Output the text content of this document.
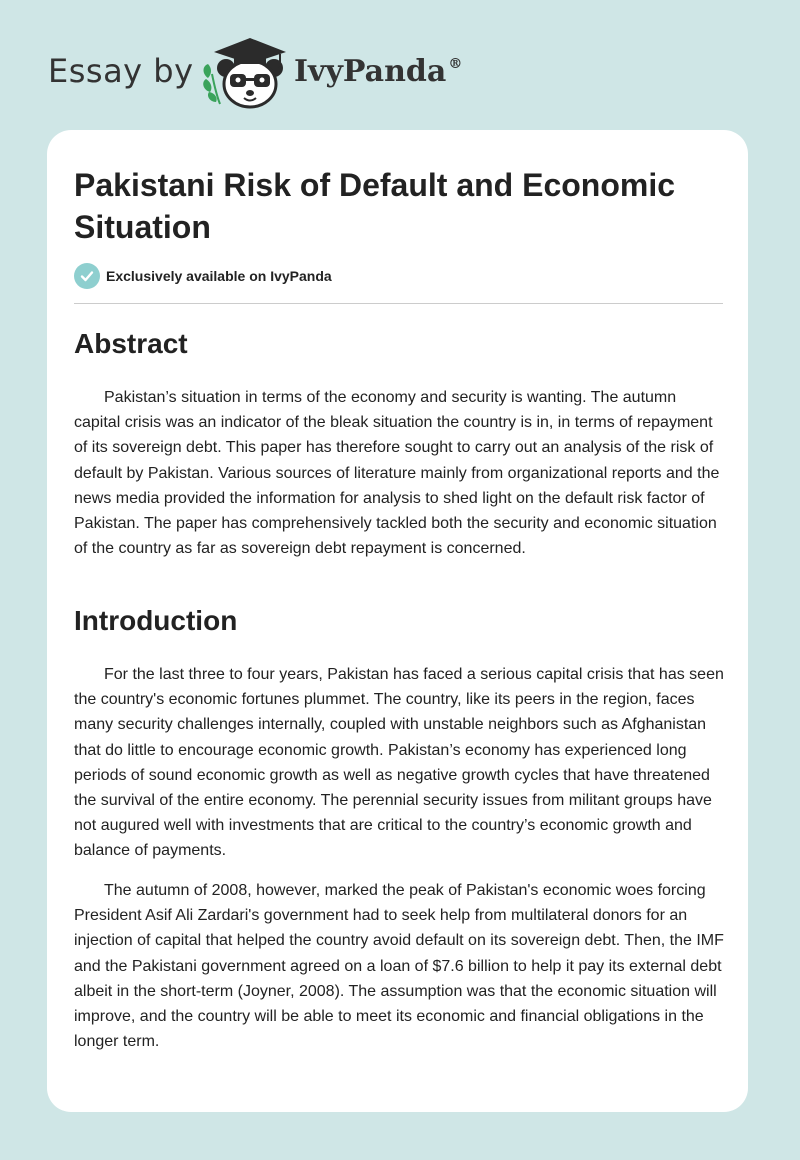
Essay by	IvyPanda ®
Pakistani Risk of Default and Economic Situation
Exclusively available on IvyPanda
Abstract

Pakistan’s situation in terms of the economy and security is wanting. The autumn capital crisis was an indicator of the bleak situation the country is in, in terms of repayment of its sovereign debt. This paper has therefore sought to carry out an analysis of the risk of default by Pakistan. Various sources of literature mainly from organizational reports and the news media provided the information for analysis to shed light on the default risk factor of Pakistan. The paper has comprehensively tackled both the security and economic situation of the country as far as sovereign debt repayment is concerned.

Introduction

For the last three to four years, Pakistan has faced a serious capital crisis that has seen the country's economic fortunes plummet. The country, like its peers in the region, faces many security challenges internally, coupled with unstable neighbors such as Afghanistan that do little to encourage economic growth. Pakistan’s economy has experienced long periods of sound economic growth as well as negative growth cycles that have threatened the survival of the entire economy. The perennial security issues from militant groups have not augured well with investments that are critical to the country’s economic growth and balance of payments.

The autumn of 2008, however, marked the peak of Pakistan's economic woes forcing President Asif Ali Zardari's government had to seek help from multilateral donors for an injection of capital that helped the country avoid default on its sovereign debt. Then, the IMF and the Pakistani government agreed on a loan of $7.6 billion to help it pay its external debt albeit in the short-term (Joyner, 2008). The assumption was that the economic situation will improve, and the country will be able to meet its economic and financial obligations in the longer term.
